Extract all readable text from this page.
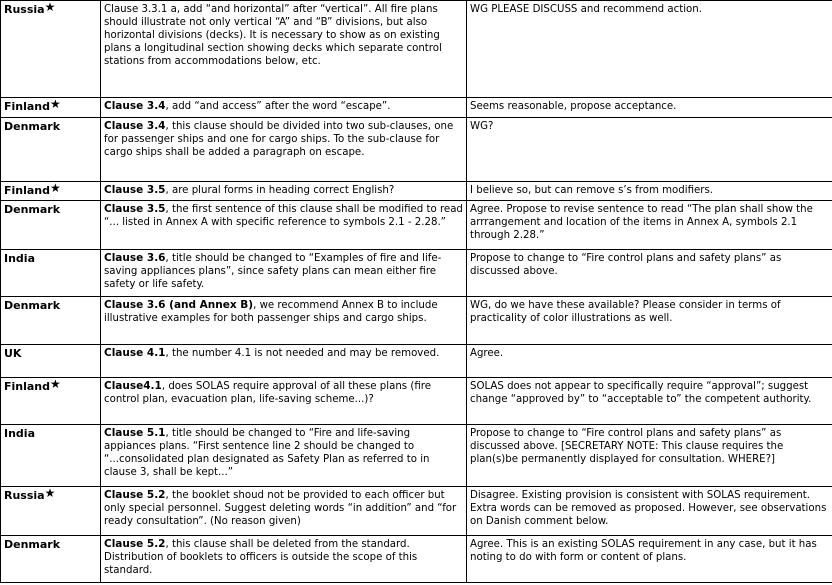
Russia★	Clause 3.3.1 a, add “and horizontal” after “vertical”. All fire plans should illustrate not only vertical “A” and “B” divisions, but also horizontal divisions (decks). It is necessary to show as on existing plans a longitudinal section showing decks which separate control stations from accommodations below, etc.	WG PLEASE DISCUSS and recommend action.
Finland★	Clause 3.4, add “and access” after the word “escape”.	Seems reasonable, propose acceptance.
Denmark	Clause 3.4, this clause should be divided into two sub-clauses, one for passenger ships and one for cargo ships. To the sub-clause for cargo ships shall be added a paragraph on escape.	WG?
Finland★	Clause 3.5, are plural forms in heading correct English?	I believe so, but can remove s’s from modifiers.
Denmark	Clause 3.5, the first sentence of this clause shall be modified to read “... listed in Annex A with specific reference to symbols 2.1 - 2.28.”	Agree. Propose to revise sentence to read “The plan shall show the arrrangement and location of the items in Annex A, symbols 2.1 through 2.28.”
India	Clause 3.6, title should be changed to “Examples of fire and life-saving appliances plans”, since safety plans can mean either fire safety or life safety.	Propose to change to “Fire control plans and safety plans” as discussed above.
Denmark	Clause 3.6 (and Annex B), we recommend Annex B to include illustrative examples for both passenger ships and cargo ships.	WG, do we have these available? Please consider in terms of practicality of color illustrations as well.
UK	Clause 4.1, the number 4.1 is not needed and may be removed.	Agree.
Finland★	Clause4.1, does SOLAS require approval of all these plans (fire control plan, evacuation plan, life-saving scheme...)?	SOLAS does not appear to specifically require “approval”; suggest change “approved by” to “acceptable to” the competent authority.
India	Clause 5.1, title should be changed to “Fire and life-saving appiances plans. “First sentence line 2 should be changed to “...consolidated plan designated as Safety Plan as referred to in clause 3, shall be kept...”	Propose to change to “Fire control plans and safety plans” as discussed above. [SECRETARY NOTE: This clause requires the plan(s)be permanently displayed for consultation. WHERE?]
Russia★	Clause 5.2, the booklet shoud not be provided to each officer but only special personnel. Suggest deleting words “in addition” and “for ready consultation”. (No reason given)	Disagree. Existing provision is consistent with SOLAS requirement. Extra words can be removed as proposed. However, see observations on Danish comment below.
Denmark	Clause 5.2, this clause shall be deleted from the standard. Distribution of booklets to officers is outside the scope of this standard.	Agree. This is an existing SOLAS requirement in any case, but it has noting to do with form or content of plans.
